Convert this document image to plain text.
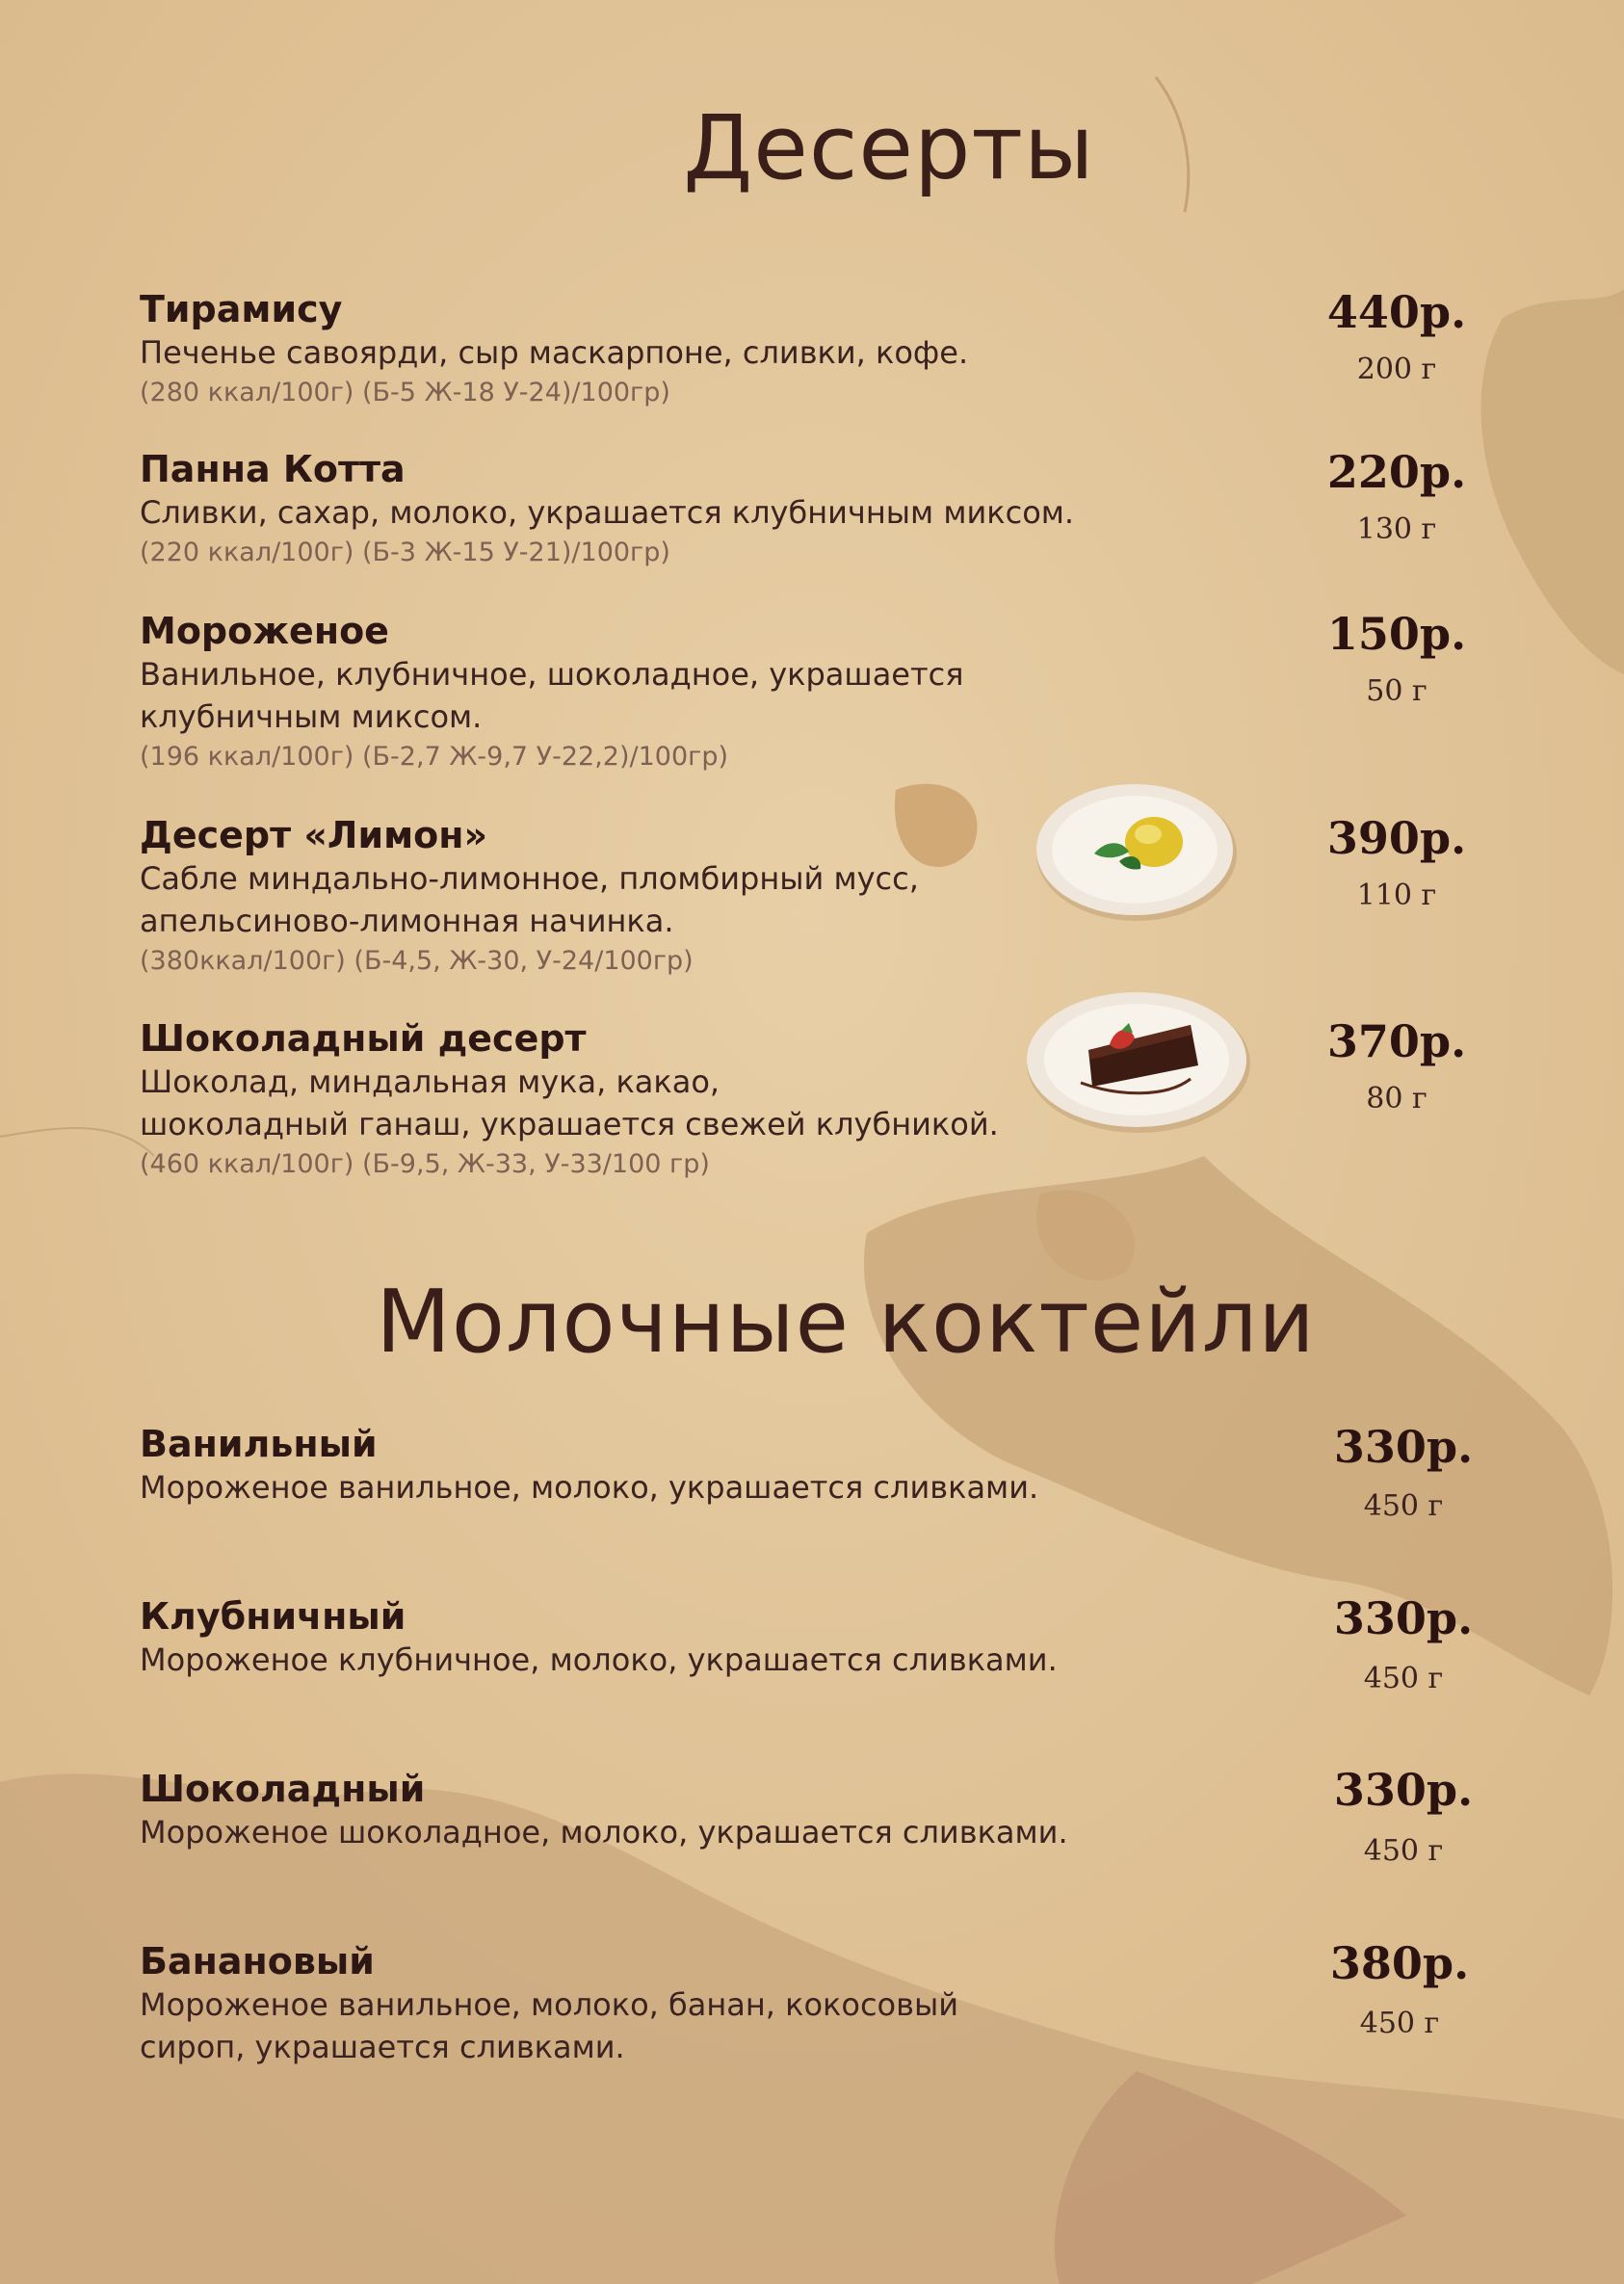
Десерты
Тирамису
Печенье савоярди, сыр маскарпоне, сливки, кофе.
(280 ккал/100г) (Б-5 Ж-18 У-24)/100гр)
440р.
200 г
Панна Котта
Сливки, сахар, молоко, украшается клубничным миксом.
(220 ккал/100г) (Б-3 Ж-15 У-21)/100гр)
220р.
130 г
Мороженое
Ванильное, клубничное, шоколадное, украшается
клубничным миксом.
(196 ккал/100г) (Б-2,7 Ж-9,7 У-22,2)/100гр)
150р.
50 г
Десерт «Лимон»
Сабле миндально-лимонное, пломбирный мусс,
апельсиново-лимонная начинка.
(380ккал/100г) (Б-4,5, Ж-30, У-24/100гр)
390р.
110 г
Шоколадный десерт
Шоколад, миндальная мука, какао,
шоколадный ганаш, украшается свежей клубникой.
(460 ккал/100г) (Б-9,5, Ж-33, У-33/100 гр)
370р.
80 г
Молочные коктейли
Ванильный
Мороженое ванильное, молоко, украшается сливками.
330р.
450 г
Клубничный
Мороженое клубничное, молоко, украшается сливками.
330р.
450 г
Шоколадный
Мороженое шоколадное, молоко, украшается сливками.
330р.
450 г
Банановый
Мороженое ванильное, молоко, банан, кокосовый
сироп, украшается сливками.
380р.
450 г
